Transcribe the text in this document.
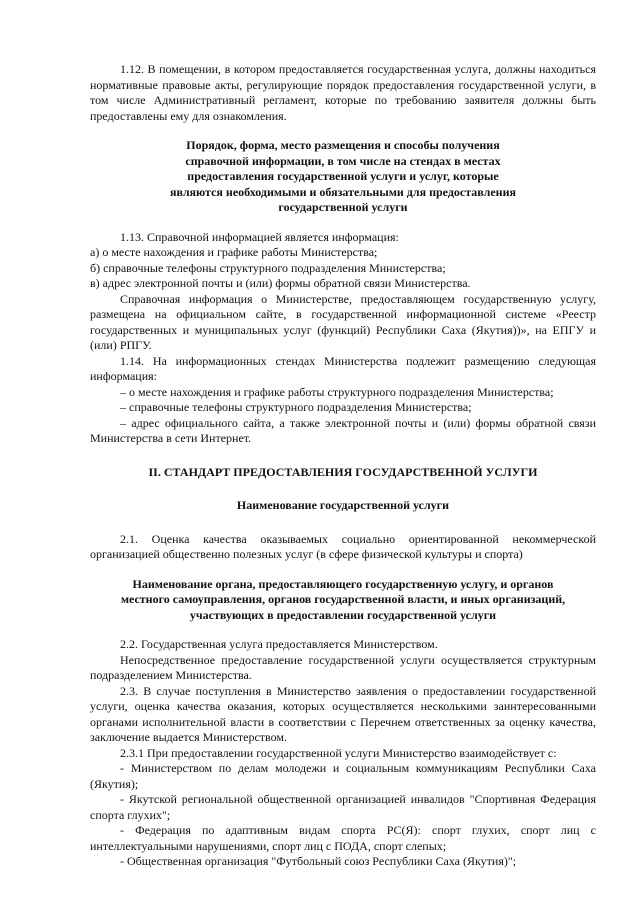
1.12. В помещении, в котором предоставляется государственная услуга, должны находиться нормативные правовые акты, регулирующие порядок предоставления государственной услуги, в том числе Административный регламент, которые по требованию заявителя должны быть предоставлены ему для ознакомления.

Порядок, форма, место размещения и способы получения

справочной информации, в том числе на стендах в местах

предоставления государственной услуги и услуг, которые

являются необходимыми и обязательными для предоставления

государственной услуги

1.13. Справочной информацией является информация:

а) о месте нахождения и графике работы Министерства;

б) справочные телефоны структурного подразделения Министерства;

в) адрес электронной почты и (или) формы обратной связи Министерства.

Справочная информация о Министерстве, предоставляющем государственную услугу, размещена на официальном сайте, в государственной информационной системе «Реестр государственных и муниципальных услуг (функций) Республики Саха (Якутия))», на ЕПГУ и (или) РПГУ.

1.14. На информационных стендах Министерства подлежит размещению следующая информация:

– о месте нахождения и графике работы структурного подразделения Министерства;

– справочные телефоны структурного подразделения Министерства;

– адрес официального сайта, а также электронной почты и (или) формы обратной связи Министерства в сети Интернет.

II. СТАНДАРТ ПРЕДОСТАВЛЕНИЯ ГОСУДАРСТВЕННОЙ УСЛУГИ

Наименование государственной услуги

2.1. Оценка качества оказываемых социально ориентированной некоммерческой организацией общественно полезных услуг (в сфере физической культуры и спорта)

Наименование органа, предоставляющего государственную услугу, и органов

местного самоуправления, органов государственной власти, и иных организаций,

участвующих в предоставлении государственной услуги

2.2. Государственная услуга предоставляется Министерством.

Непосредственное предоставление государственной услуги осуществляется структурным подразделением Министерства.

2.3. В случае поступления в Министерство заявления о предоставлении государственной услуги, оценка качества оказания, которых осуществляется несколькими заинтересованными органами исполнительной власти в соответствии с Перечнем ответственных за оценку качества, заключение выдается Министерством.

2.3.1 При предоставлении государственной услуги Министерство взаимодействует с:

- Министерством по делам молодежи и социальным коммуникациям Республики Саха (Якутия);

- Якутской региональной общественной организацией инвалидов "Спортивная Федерация спорта глухих";

- Федерация по адаптивным видам спорта РС(Я): спорт глухих, спорт лиц с интеллектуальными нарушениями, спорт лиц с ПОДА, спорт слепых;

- Общественная организация "Футбольный союз Республики Саха (Якутия)";
